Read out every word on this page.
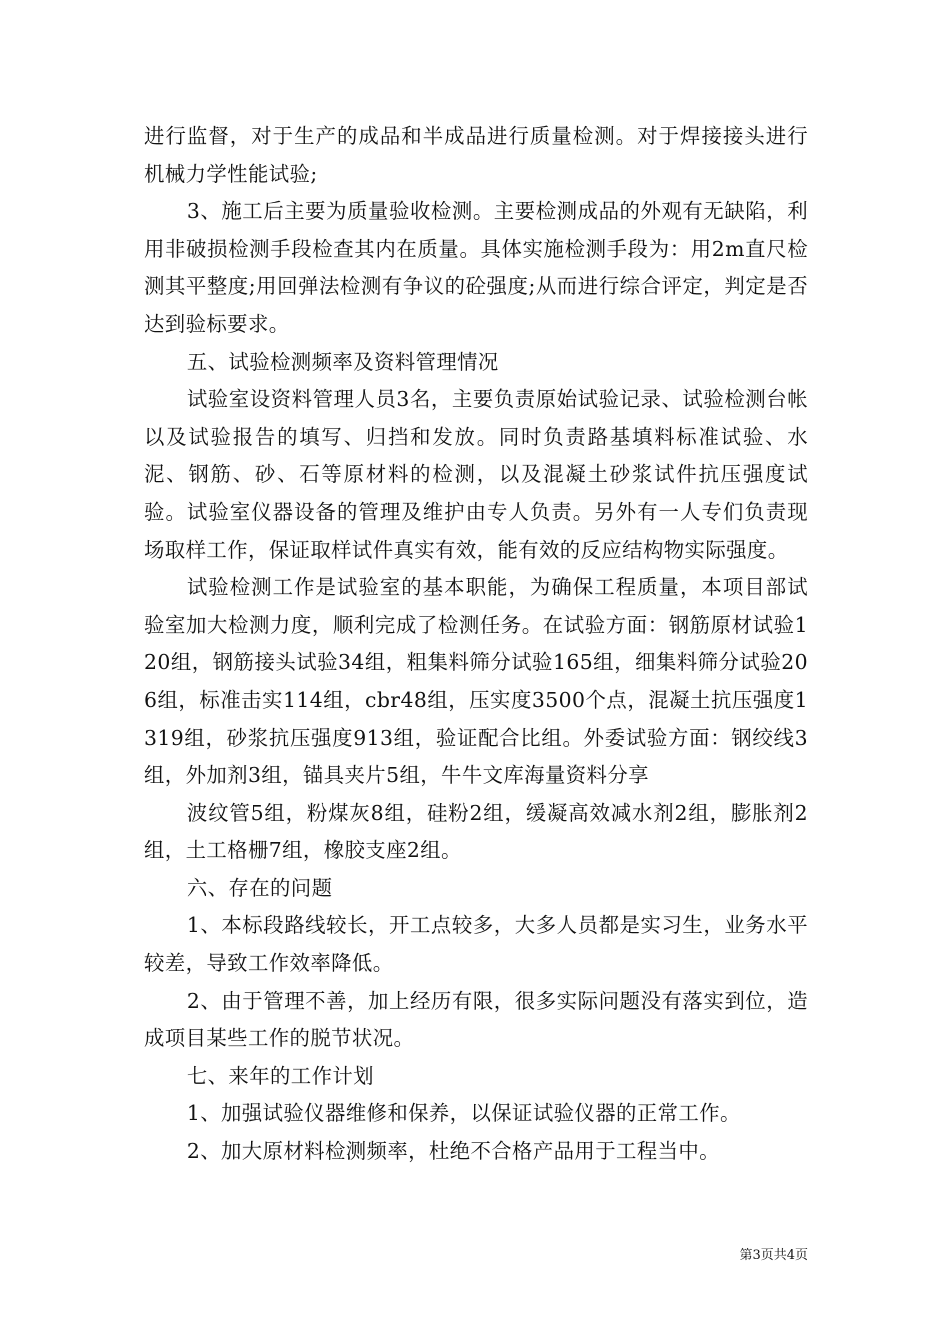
进行监督，对于生产的成品和半成品进行质量检测。对于焊接接头进行机械力学性能试验;

3、施工后主要为质量验收检测。主要检测成品的外观有无缺陷，利用非破损检测手段检查其内在质量。具体实施检测手段为：用2m直尺检测其平整度;用回弹法检测有争议的砼强度;从而进行综合评定，判定是否达到验标要求。

五、试验检测频率及资料管理情况

试验室设资料管理人员3名，主要负责原始试验记录、试验检测台帐以及试验报告的填写、归挡和发放。同时负责路基填料标准试验、水泥、钢筋、砂、石等原材料的检测，以及混凝土砂浆试件抗压强度试验。试验室仪器设备的管理及维护由专人负责。另外有一人专们负责现场取样工作，保证取样试件真实有效，能有效的反应结构物实际强度。

试验检测工作是试验室的基本职能，为确保工程质量，本项目部试验室加大检测力度，顺利完成了检测任务。在试验方面：钢筋原材试验120组，钢筋接头试验34组，粗集料筛分试验165组，细集料筛分试验206组，标准击实114组，cbr48组，压实度3500个点，混凝土抗压强度1319组，砂浆抗压强度913组，验证配合比组。外委试验方面：钢绞线3组，外加剂3组，锚具夹片5组，牛牛文库海量资料分享

波纹管5组，粉煤灰8组，硅粉2组，缓凝高效减水剂2组，膨胀剂2组，土工格栅7组，橡胶支座2组。

六、存在的问题

1、本标段路线较长，开工点较多，大多人员都是实习生，业务水平较差，导致工作效率降低。

2、由于管理不善，加上经历有限，很多实际问题没有落实到位，造成项目某些工作的脱节状况。

七、来年的工作计划

1、加强试验仪器维修和保养，以保证试验仪器的正常工作。

2、加大原材料检测频率，杜绝不合格产品用于工程当中。

第3页共4页
